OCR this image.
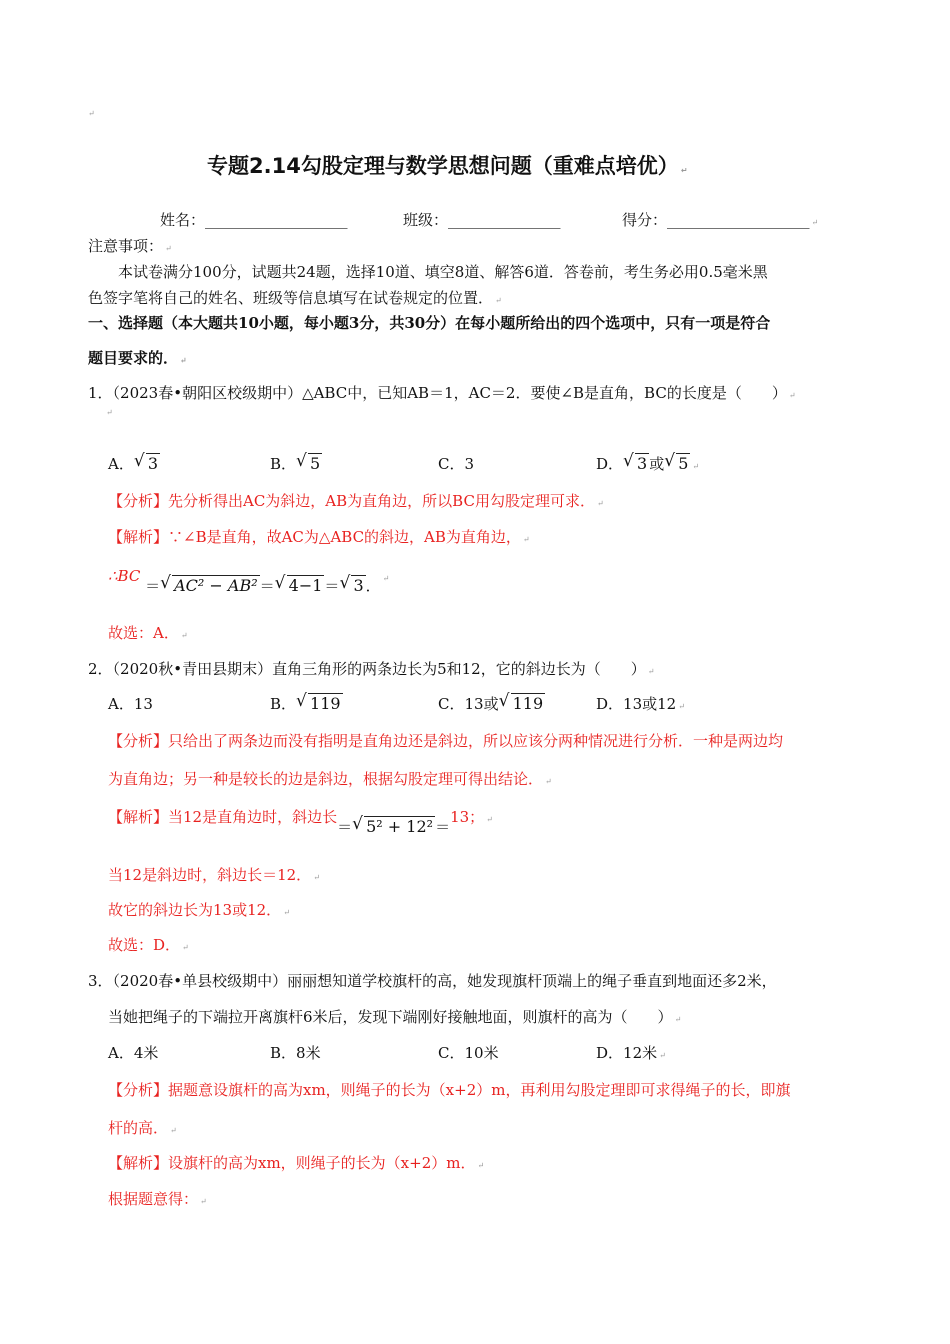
↵
专题2.14勾股定理与数学思想问题（重难点培优） ↵
姓名：___________________	班级：_______________	得分：___________________ ↵
注意事项： ↵
本试卷满分100分，试题共24题，选择10道、填空8道、解答6道．答卷前，考生务必用0.5毫米黑
色签字笔将自己的姓名、班级等信息填写在试卷规定的位置． ↵
一、选择题（本大题共10小题，每小题3分，共30分）在每小题所给出的四个选项中，只有一项是符合
题目要求的． ↵
1．（2023春•朝阳区校级期中）△ABC中，已知AB＝1，AC＝2．要使∠B是直角，BC的长度是（　　） ↵
↵
A． √ 3	B． √ 5	C．3	D． √ 3 或 √ 5 ↵
【分析】先分析得出AC为斜边，AB为直角边，所以BC用勾股定理可求． ↵
【解析】∵∠B是直角，故AC为△ABC的斜边，AB为直角边， ↵
∴BC ＝ √ AC² − AB² ＝ √ 4−1 ＝ √ 3 ． ↵
故选：A． ↵
2．（2020秋•青田县期末）直角三角形的两条边长为5和12，它的斜边长为（　　） ↵
A．13	B． √ 119	C．13或 √ 119	D．13或12 ↵
【分析】只给出了两条边而没有指明是直角边还是斜边，所以应该分两种情况进行分析．一种是两边均
为直角边；另一种是较长的边是斜边，根据勾股定理可得出结论． ↵
【解析】当12是直角边时，斜边长＝ √ 5² + 12² ＝13； ↵
当12是斜边时，斜边长＝12． ↵
故它的斜边长为13或12． ↵
故选：D． ↵
3．（2020春•单县校级期中）丽丽想知道学校旗杆的高，她发现旗杆顶端上的绳子垂直到地面还多2米，
当她把绳子的下端拉开离旗杆6米后，发现下端刚好接触地面，则旗杆的高为（　　） ↵
A．4米	B．8米	C．10米	D．12米 ↵
【分析】据题意设旗杆的高为xm，则绳子的长为（x+2）m，再利用勾股定理即可求得绳子的长，即旗
杆的高． ↵
【解析】设旗杆的高为xm，则绳子的长为（x+2）m． ↵
根据题意得： ↵
